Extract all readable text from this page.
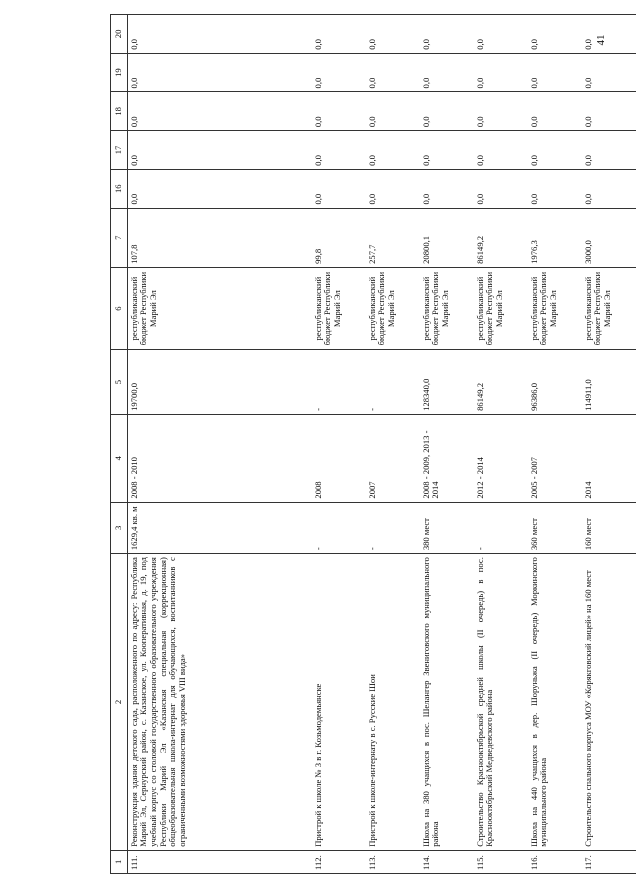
41
1	2	3	4	5	6	7	16	17	18	19	20
111.	Реконструкция здания детского сада, расположенного по адресу: Республика Марий Эл, Сернурский район, с. Казанское, ул. Кооперативная, д. 19, под учебный корпус со столовой государственного образовательного учреждения Республики Марий Эл «Казанская специальная (коррекционная) общеобразовательная школа-интернат для обучающихся, воспитанников с ограниченными возможностями здоровья VIII вида»	1629,4 кв. м	2008 - 2010	19700,0	республиканский бюджет Республики Марий Эл	107,8	0,0	0,0	0,0	0,0	0,0
112.	Пристрой к школе № 3 в г. Козьмодемьянске	-	2008	-	республиканский бюджет Республики Марий Эл	99,8	0,0	0,0	0,0	0,0	0,0
113.	Пристрой к школе-интернату в с. Русские Шои	-	2007	-	республиканский бюджет Республики Марий Эл	257,7	0,0	0,0	0,0	0,0	0,0
114.	Школа на 380 учащихся в пос. Шелангер Звениговского муниципального района	380 мест	2008 - 2009, 2013 - 2014	128340,0	республиканский бюджет Республики Марий Эл	20800,1	0,0	0,0	0,0	0,0	0,0
115.	Строительство Краснооктябрьской средней школы (II очередь) в пос. Краснооктябрьский Медведевского района	-	2012 - 2014	86149,2	республиканский бюджет Республики Марий Эл	86149,2	0,0	0,0	0,0	0,0	0,0
116.	Школа на 440 учащихся в дер. Шоруньжа (II очередь) Моркинского муниципального района	360 мест	2005 - 2007	96386,0	республиканский бюджет Республики Марий Эл	1976,3	0,0	0,0	0,0	0,0	0,0
117.	Строительство спального корпуса МОУ «Корякговский лицей» на 160 мест	160 мест	2014	114911,0	республиканский бюджет Республики Марий Эл	3000,0	0,0	0,0	0,0	0,0	0,0
